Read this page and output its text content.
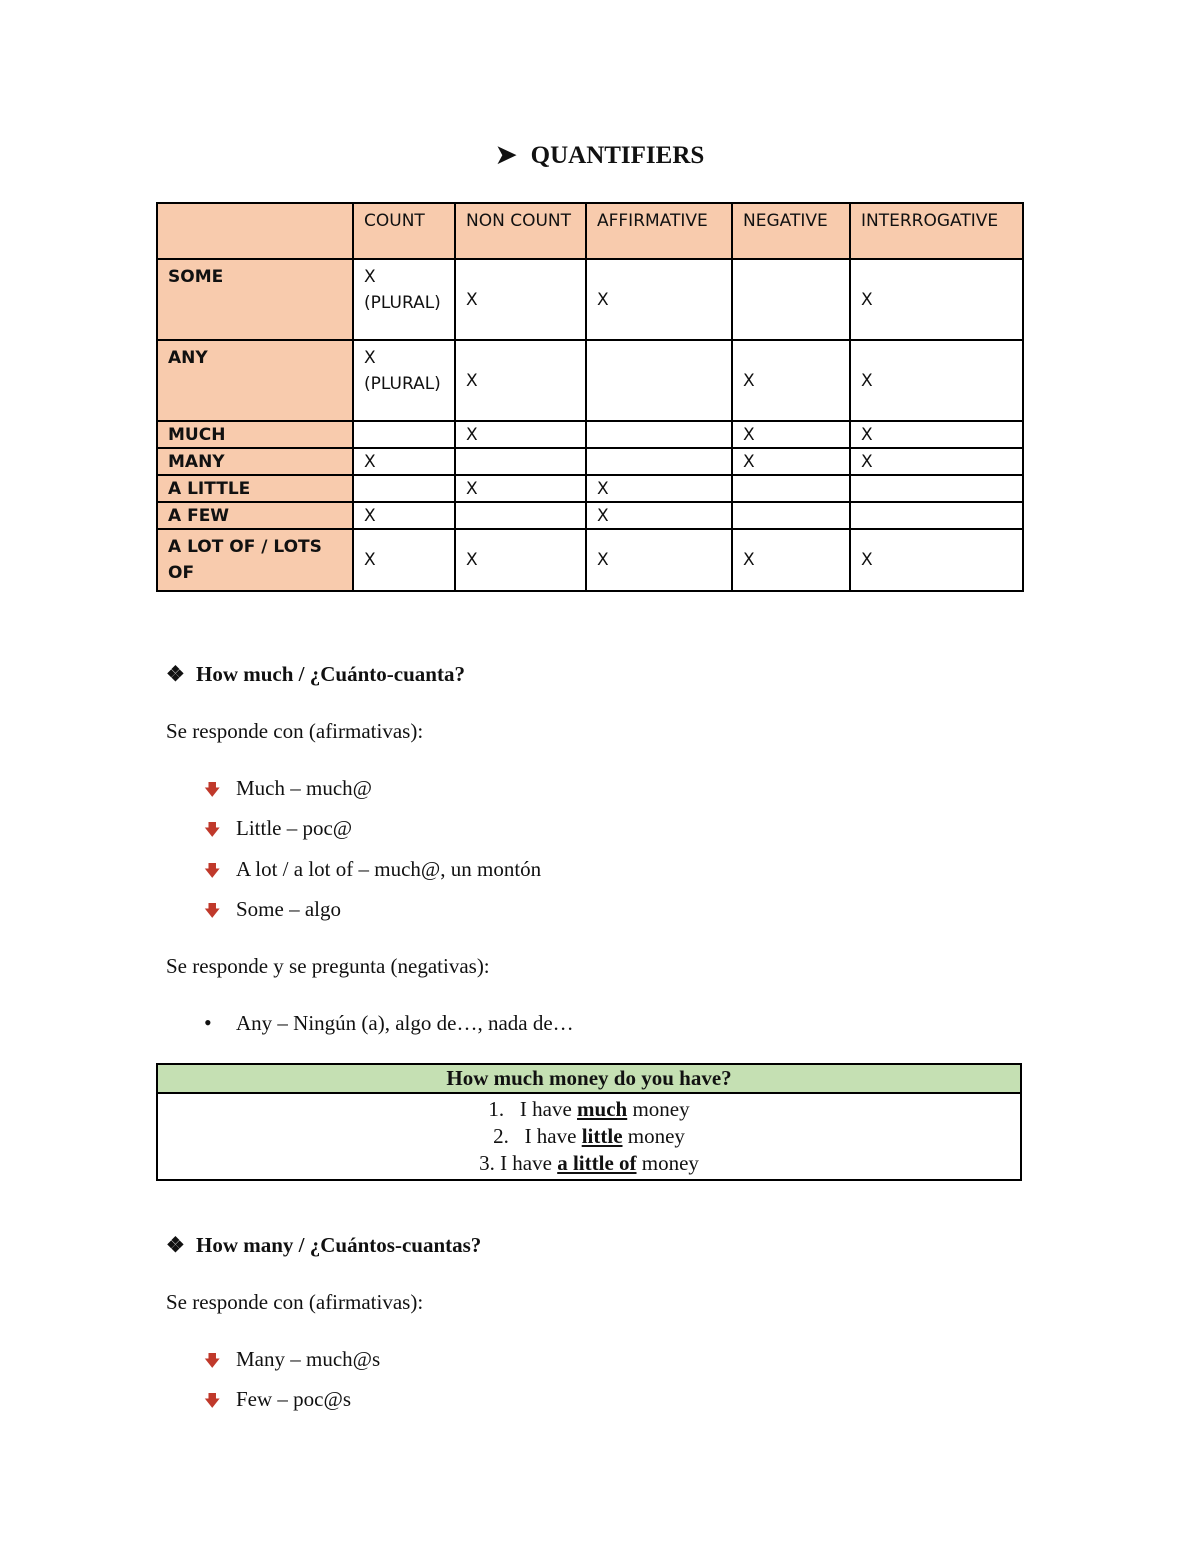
➤ QUANTIFIERS
	COUNT	NON COUNT	AFFIRMATIVE	NEGATIVE	INTERROGATIVE
SOME	X (PLURAL)	X	X		X
ANY	X (PLURAL)	X		X	X
MUCH		X		X	X
MANY	X			X	X
A LITTLE		X	X		
A FEW	X		X		
A LOT OF / LOTS OF	X	X	X	X	X
❖ How much / ¿Cuánto-cuanta?
Se responde con (afirmativas):
🡇 Much – much@
🡇 Little – poc@
🡇 A lot / a lot of – much@, un montón
🡇 Some – algo
Se responde y se pregunta (negativas):
• Any – Ningún (a), algo de…, nada de…
How much money do you have?

1. I have much money
2. I have little money
3. I have a little of money
❖ How many / ¿Cuántos-cuantas?
Se responde con (afirmativas):
🡇 Many – much@s
🡇 Few – poc@s
